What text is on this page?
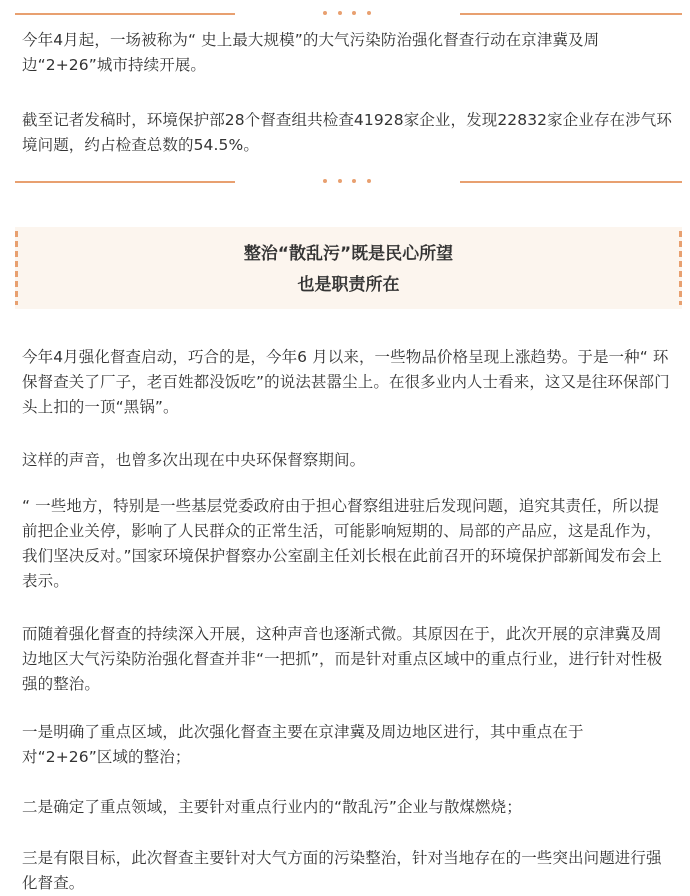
今年4月起，一场被称为“ 史上最大规模”的大气污染防治强化督查行动在京津冀及周边“2+26”城市持续开展。

截至记者发稿时，环境保护部28个督查组共检查41928家企业，发现22832家企业存在涉气环境问题，约占检查总数的54.5%。

整治“散乱污”既是民心所望
也是职责所在

今年4月强化督查启动，巧合的是，今年6 月以来，一些物品价格呈现上涨趋势。于是一种“ 环保督查关了厂子，老百姓都没饭吃”的说法甚嚣尘上。在很多业内人士看来，这又是往环保部门头上扣的一顶“黑锅”。

这样的声音，也曾多次出现在中央环保督察期间。

“ 一些地方，特别是一些基层党委政府由于担心督察组进驻后发现问题，追究其责任，所以提前把企业关停，影响了人民群众的正常生活，可能影响短期的、局部的产品应，这是乱作为，我们坚决反对。”国家环境保护督察办公室副主任刘长根在此前召开的环境保护部新闻发布会上表示。

而随着强化督查的持续深入开展，这种声音也逐渐式微。其原因在于，此次开展的京津冀及周边地区大气污染防治强化督查并非“一把抓”，而是针对重点区域中的重点行业，进行针对性极强的整治。

一是明确了重点区域，此次强化督查主要在京津冀及周边地区进行，其中重点在于对“2+26”区域的整治；

二是确定了重点领域，主要针对重点行业内的“散乱污”企业与散煤燃烧；

三是有限目标，此次督查主要针对大气方面的污染整治，针对当地存在的一些突出问题进行强化督查。
